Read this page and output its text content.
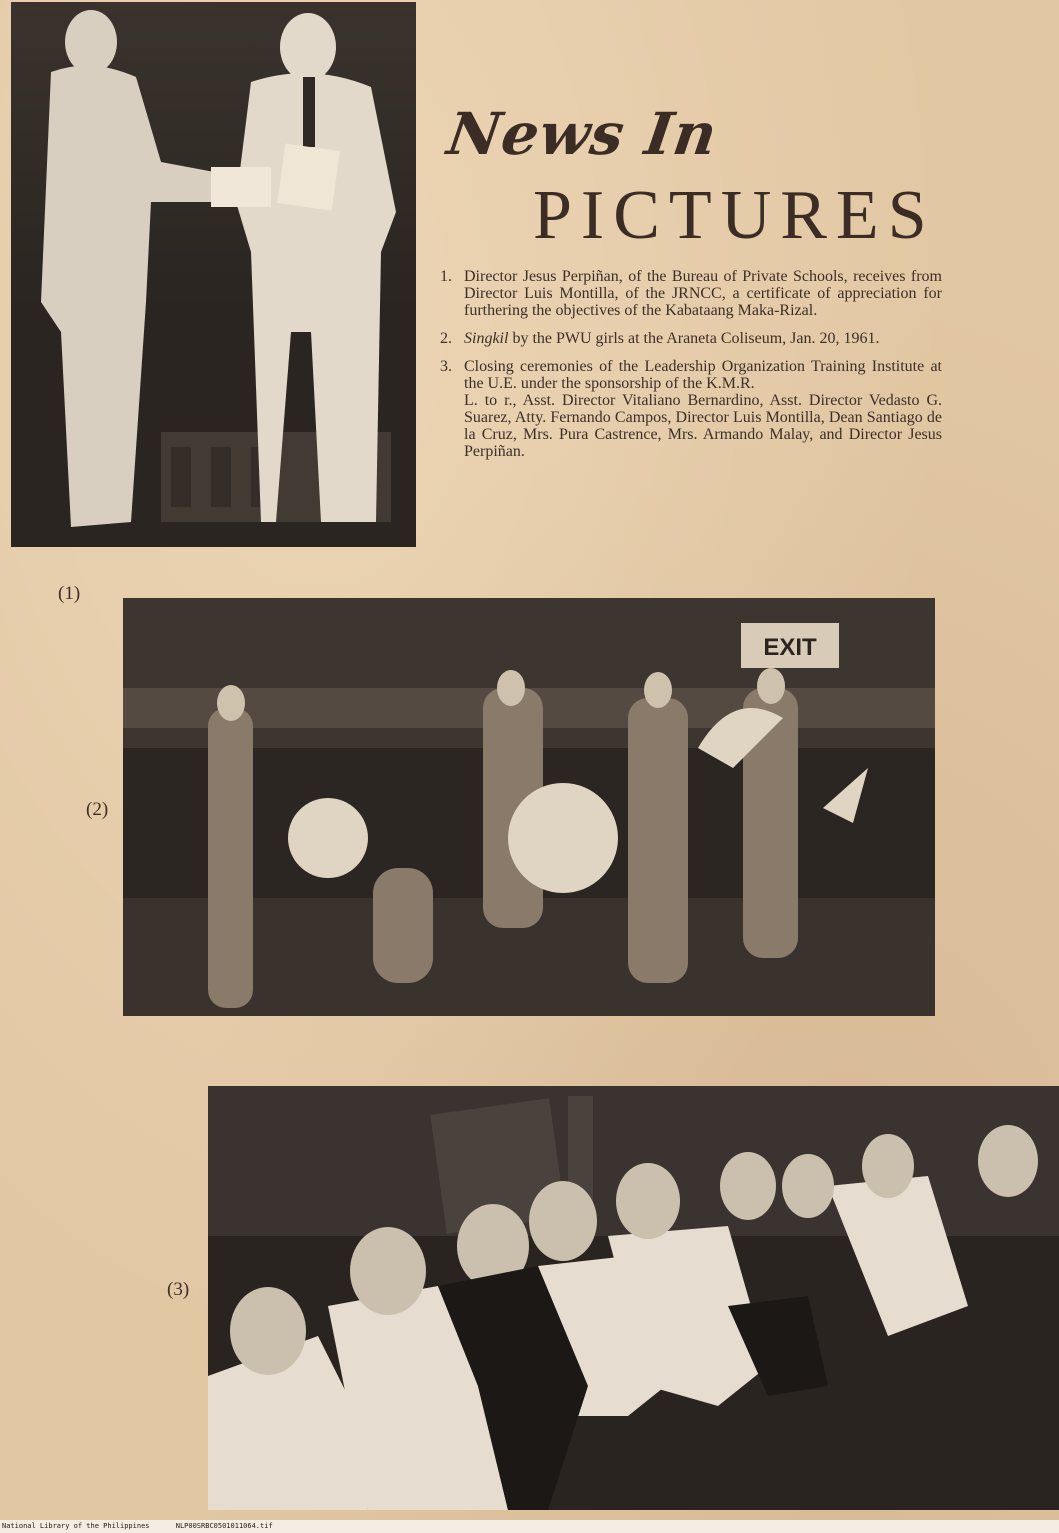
News In
PICTURES
1. Director Jesus Perpiñan, of the Bureau of Private Schools, receives from Director Luis Montilla, of the JRNCC, a certificate of appreciation for furthering the objectives of the Kabataang Maka-Rizal.
2. Singkil by the PWU girls at the Araneta Coliseum, Jan. 20, 1961.
3. Closing ceremonies of the Leadership Organization Training Institute at the U.E. under the sponsorship of the K.M.R.
L. to r., Asst. Director Vitaliano Bernardino, Asst. Director Vedasto G. Suarez, Atty. Fernando Campos, Director Luis Montilla, Dean Santiago de la Cruz, Mrs. Pura Castrence, Mrs. Armando Malay, and Director Jesus Perpiñan.
(1)
(2)
(3)
EXIT
National Library of the Philippines	NLP00SRBC0501011064.tif
